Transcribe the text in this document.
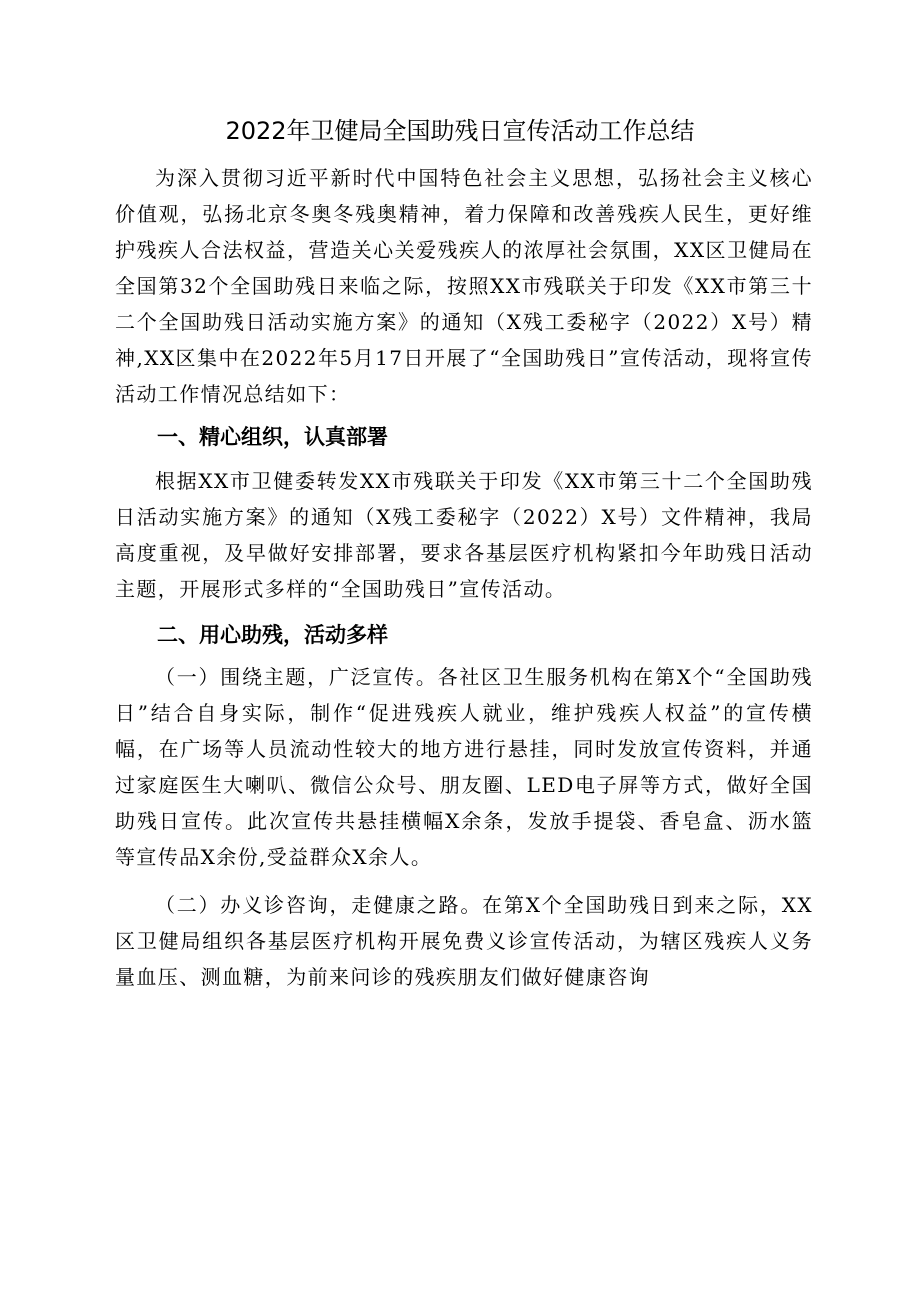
2022年卫健局全国助残日宣传活动工作总结

为深入贯彻习近平新时代中国特色社会主义思想，弘扬社会主义核心价值观，弘扬北京冬奥冬残奥精神，着力保障和改善残疾人民生，更好维护残疾人合法权益，营造关心关爱残疾人的浓厚社会氛围，XX区卫健局在全国第32个全国助残日来临之际，按照XX市残联关于印发《XX市第三十二个全国助残日活动实施方案》的通知（X残工委秘字（2022）X号）精神,XX区集中在2022年5月17日开展了“全国助残日”宣传活动，现将宣传活动工作情况总结如下：

一、精心组织，认真部署

根据XX市卫健委转发XX市残联关于印发《XX市第三十二个全国助残日活动实施方案》的通知（X残工委秘字（2022）X号）文件精神，我局高度重视，及早做好安排部署，要求各基层医疗机构紧扣今年助残日活动主题，开展形式多样的“全国助残日”宣传活动。

二、用心助残，活动多样

（一）围绕主题，广泛宣传。各社区卫生服务机构在第X个“全国助残日”结合自身实际，制作“促进残疾人就业，维护残疾人权益”的宣传横幅，在广场等人员流动性较大的地方进行悬挂，同时发放宣传资料，并通过家庭医生大喇叭、微信公众号、朋友圈、LED电子屏等方式，做好全国助残日宣传。此次宣传共悬挂横幅X余条，发放手提袋、香皂盒、沥水篮等宣传品X余份,受益群众X余人。

（二）办义诊咨询，走健康之路。在第X个全国助残日到来之际，XX区卫健局组织各基层医疗机构开展免费义诊宣传活动，为辖区残疾人义务量血压、测血糖，为前来问诊的残疾朋友们做好健康咨询
